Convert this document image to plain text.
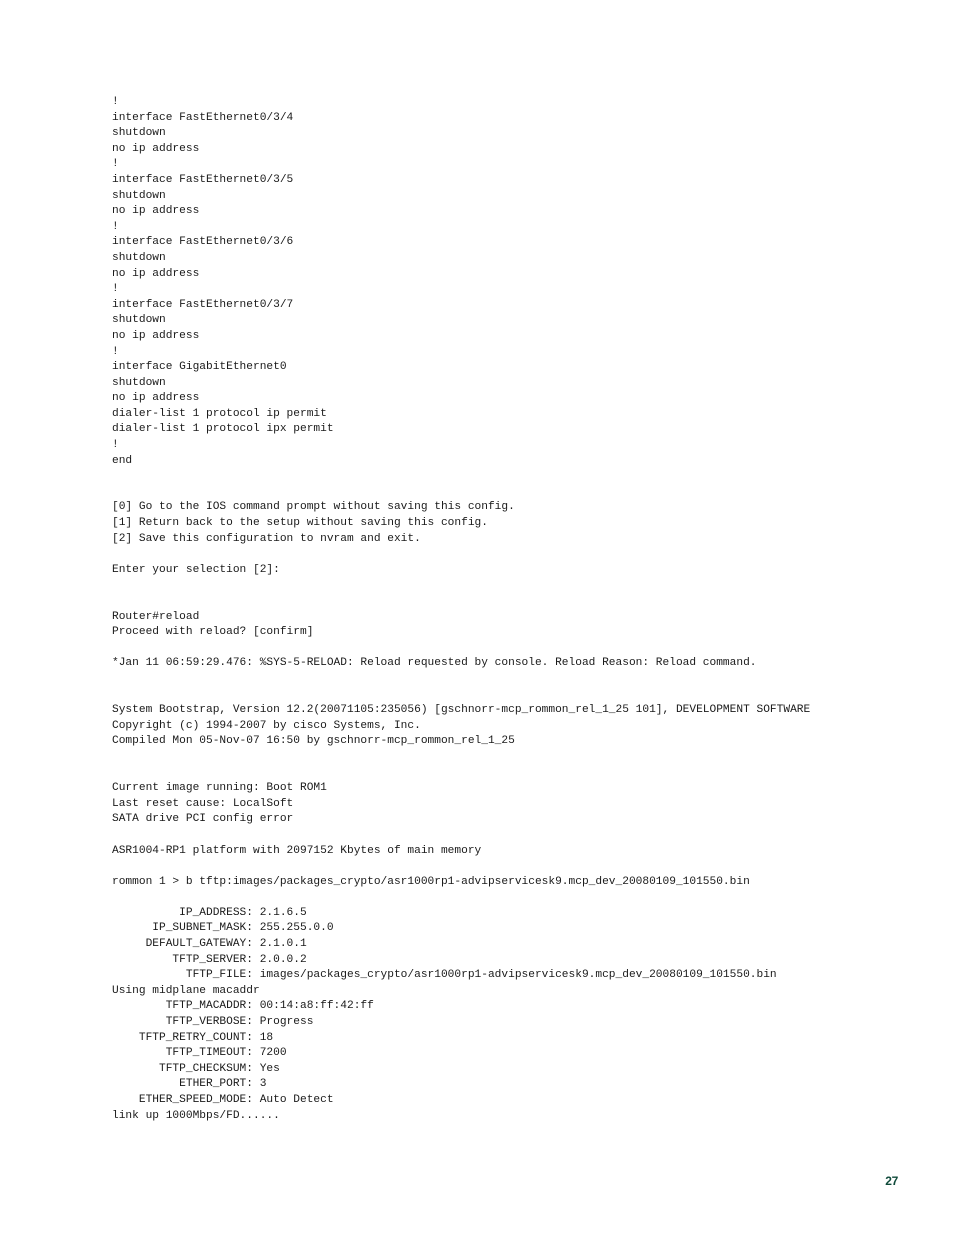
!
interface FastEthernet0/3/4
shutdown
no ip address
!
interface FastEthernet0/3/5
shutdown
no ip address
!
interface FastEthernet0/3/6
shutdown
no ip address
!
interface FastEthernet0/3/7
shutdown
no ip address
!
interface GigabitEthernet0
shutdown
no ip address
dialer-list 1 protocol ip permit
dialer-list 1 protocol ipx permit
!
end
[0] Go to the IOS command prompt without saving this config.
[1] Return back to the setup without saving this config.
[2] Save this configuration to nvram and exit.
Enter your selection [2]:
Router#reload
Proceed with reload? [confirm]
*Jan 11 06:59:29.476: %SYS-5-RELOAD: Reload requested by console. Reload Reason: Reload command.
System Bootstrap, Version 12.2(20071105:235056) [gschnorr-mcp_rommon_rel_1_25 101], DEVELOPMENT SOFTWARE
Copyright (c) 1994-2007 by cisco Systems, Inc.
Compiled Mon 05-Nov-07 16:50 by gschnorr-mcp_rommon_rel_1_25
Current image running: Boot ROM1
Last reset cause: LocalSoft
SATA drive PCI config error
ASR1004-RP1 platform with 2097152 Kbytes of main memory
rommon 1 > b tftp:images/packages_crypto/asr1000rp1-advipservicesk9.mcp_dev_20080109_101550.bin
IP_ADDRESS: 2.1.6.5
IP_SUBNET_MASK: 255.255.0.0
DEFAULT_GATEWAY: 2.1.0.1
TFTP_SERVER: 2.0.0.2
TFTP_FILE: images/packages_crypto/asr1000rp1-advipservicesk9.mcp_dev_20080109_101550.bin
Using midplane macaddr
TFTP_MACADDR: 00:14:a8:ff:42:ff
TFTP_VERBOSE: Progress
TFTP_RETRY_COUNT: 18
TFTP_TIMEOUT: 7200
TFTP_CHECKSUM: Yes
ETHER_PORT: 3
ETHER_SPEED_MODE: Auto Detect
link up 1000Mbps/FD......
27
